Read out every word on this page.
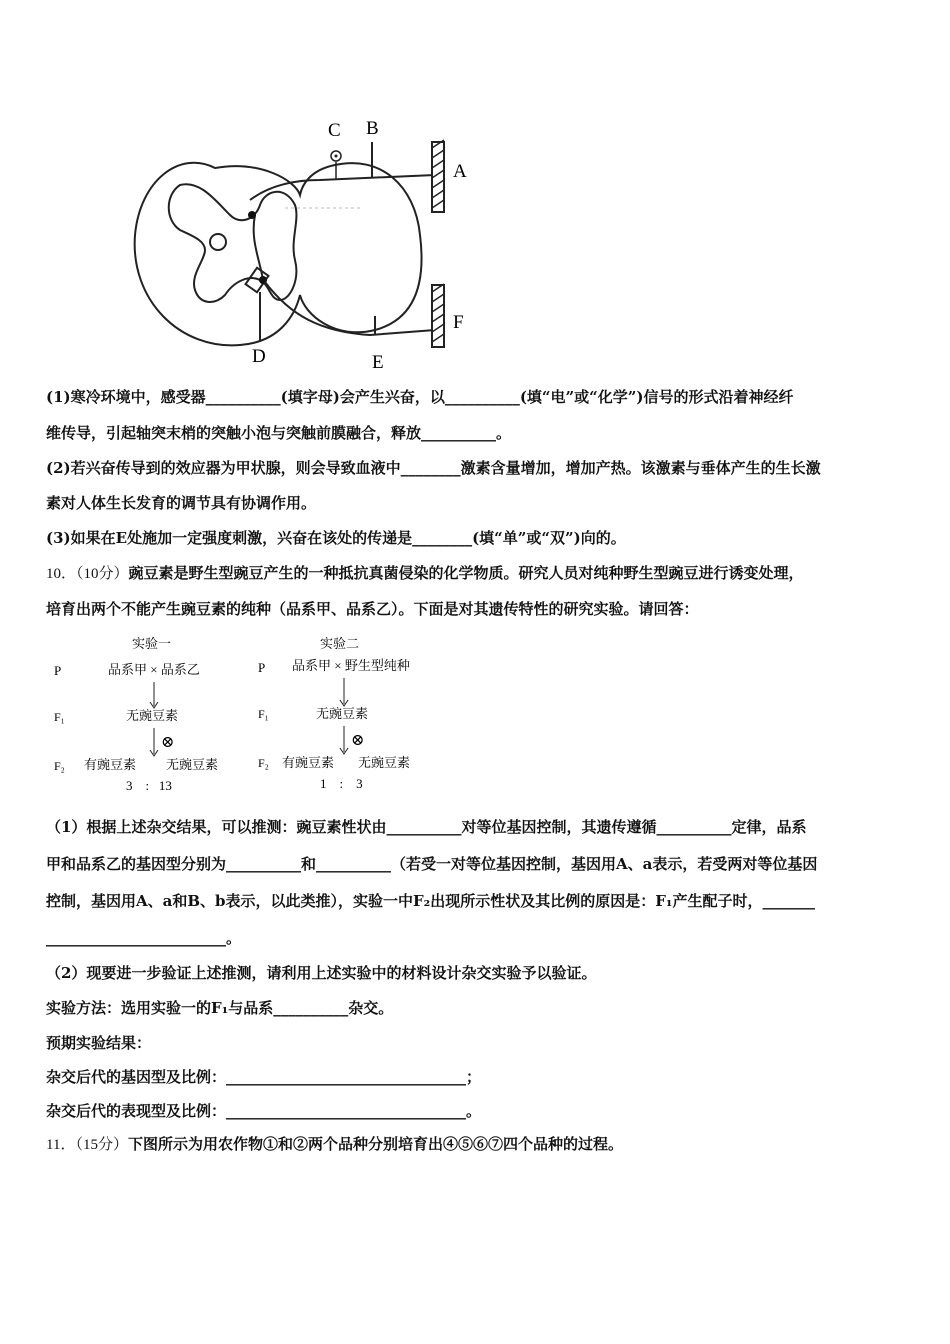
C B
A
F
D	E
(1)寒冷环境中，感受器__________(填字母)会产生兴奋，以__________(填“电”或“化学”)信号的形式沿着神经纤
维传导，引起轴突末梢的突触小泡与突触前膜融合，释放__________。
(2)若兴奋传导到的效应器为甲状腺，则会导致血液中________激素含量增加，增加产热。该激素与垂体产生的生长激
素对人体生长发育的调节具有协调作用。
(3)如果在E处施加一定强度刺激，兴奋在该处的传递是________(填“单”或“双”)向的。
10．（10分）豌豆素是野生型豌豆产生的一种抵抗真菌侵染的化学物质。研究人员对纯种野生型豌豆进行诱变处理，
培育出两个不能产生豌豆素的纯种（品系甲、品系乙）。下面是对其遗传特性的研究实验。请回答：
实验一
P	品系甲 × 品系乙
F₁	无豌豆素
⊗
F₂ 有豌豆素 无豌豆素
3    :   13
实验二
P 品系甲 × 野生型纯种
F₁	无豌豆素
⊗
F₂ 有豌豆素 无豌豆素
1    :    3
（1）根据上述杂交结果，可以推测：豌豆素性状由__________对等位基因控制，其遗传遵循__________定律，品系
甲和品系乙的基因型分别为__________和__________（若受一对等位基因控制，基因用A、a表示，若受两对等位基因
控制，基因用A、a和B、b表示，以此类推），实验一中F₂出现所示性状及其比例的原因是：F₁产生配子时，_______
________________________。
（2）现要进一步验证上述推测，请利用上述实验中的材料设计杂交实验予以验证。
实验方法：选用实验一的F₁与品系__________杂交。
预期实验结果：
杂交后代的基因型及比例：________________________________；
杂交后代的表现型及比例：________________________________。
11．（15分）下图所示为用农作物①和②两个品种分别培育出④⑤⑥⑦四个品种的过程。
